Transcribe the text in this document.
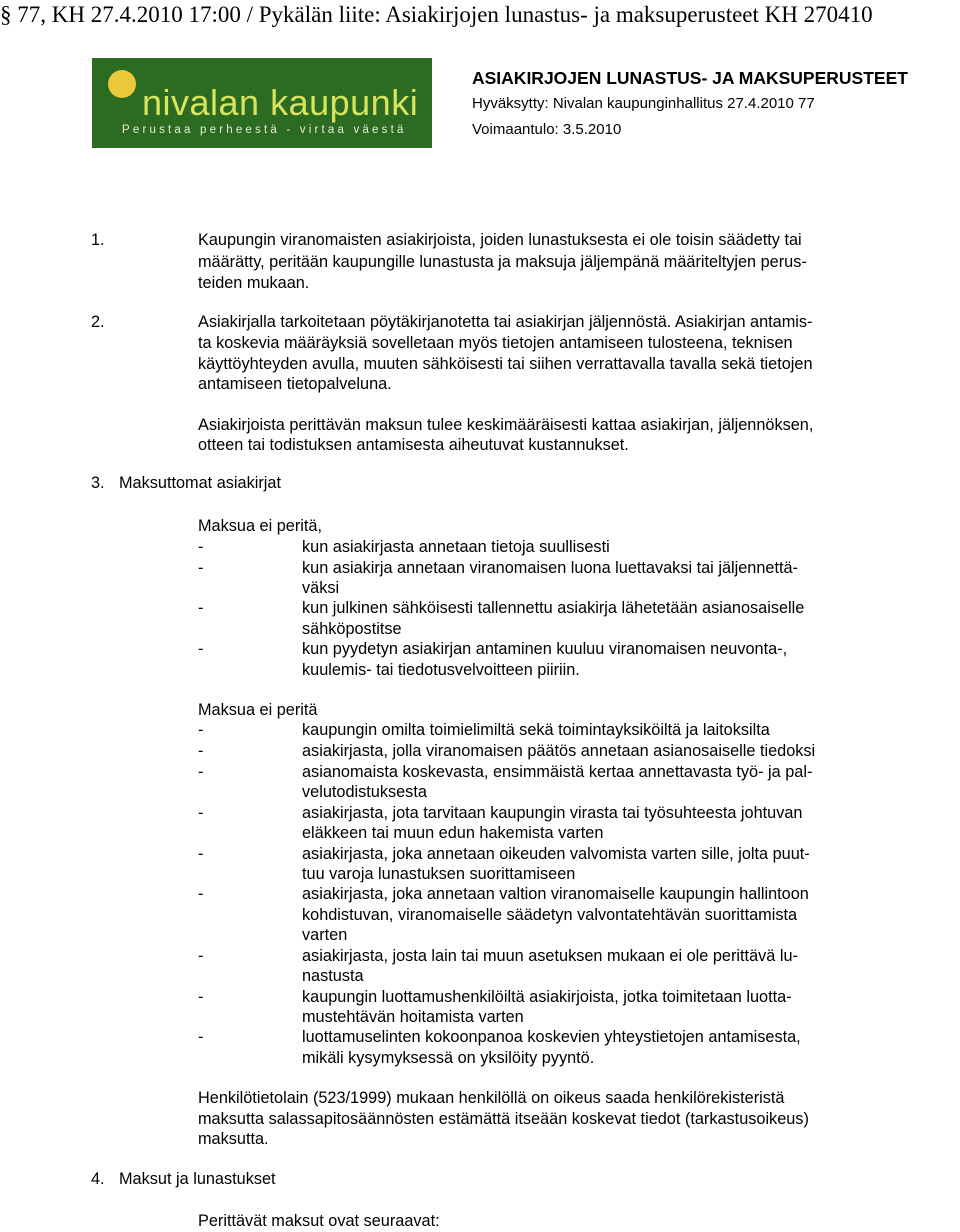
§ 77, KH 27.4.2010 17:00 / Pykälän liite: Asiakirjojen lunastus- ja maksuperusteet KH 270410
nivalan kaupunki
Perustaa perheestä - virtaa väestä
ASIAKIRJOJEN LUNASTUS- JA MAKSUPERUSTEET
Hyväksytty: Nivalan kaupunginhallitus 27.4.2010 77
Voimaantulo: 3.5.2010
1.	Kaupungin viranomaisten asiakirjoista, joiden lunastuksesta ei ole toisin säädetty tai
määrätty, peritään kaupungille lunastusta ja maksuja jäljempänä määriteltyjen perus-
teiden mukaan.
2.	Asiakirjalla tarkoitetaan pöytäkirjanotetta tai asiakirjan jäljennöstä. Asiakirjan antamis-
ta koskevia määräyksiä sovelletaan myös tietojen antamiseen tulosteena, teknisen
käyttöyhteyden avulla, muuten sähköisesti tai siihen verrattavalla tavalla sekä tietojen
antamiseen tietopalveluna.
Asiakirjoista perittävän maksun tulee keskimääräisesti kattaa asiakirjan, jäljennöksen,
otteen tai todistuksen antamisesta aiheutuvat kustannukset.
3. Maksuttomat asiakirjat
Maksua ei peritä,
-	kun asiakirjasta annetaan tietoja suullisesti
-	kun asiakirja annetaan viranomaisen luona luettavaksi tai jäljennettä-
väksi
-	kun julkinen sähköisesti tallennettu asiakirja lähetetään asianosaiselle
sähköpostitse
-	kun pyydetyn asiakirjan antaminen kuuluu viranomaisen neuvonta-,
kuulemis- tai tiedotusvelvoitteen piiriin.
Maksua ei peritä
-	kaupungin omilta toimielimiltä sekä toimintayksiköiltä ja laitoksilta
-	asiakirjasta, jolla viranomaisen päätös annetaan asianosaiselle tiedoksi
-	asianomaista koskevasta, ensimmäistä kertaa annettavasta työ- ja pal-
velutodistuksesta
-	asiakirjasta, jota tarvitaan kaupungin virasta tai työsuhteesta johtuvan
eläkkeen tai muun edun hakemista varten
-	asiakirjasta, joka annetaan oikeuden valvomista varten sille, jolta puut-
tuu varoja lunastuksen suorittamiseen
-	asiakirjasta, joka annetaan valtion viranomaiselle kaupungin hallintoon
kohdistuvan, viranomaiselle säädetyn valvontatehtävän suorittamista
varten
-	asiakirjasta, josta lain tai muun asetuksen mukaan ei ole perittävä lu-
nastusta
-	kaupungin luottamushenkilöiltä asiakirjoista, jotka toimitetaan luotta-
mustehtävän hoitamista varten
-	luottamuselinten kokoonpanoa koskevien yhteystietojen antamisesta,
mikäli kysymyksessä on yksilöity pyyntö.
Henkilötietolain (523/1999) mukaan henkilöllä on oikeus saada henkilörekisteristä
maksutta salassapitosäännösten estämättä itseään koskevat tiedot (tarkastusoikeus)
maksutta.
4. Maksut ja lunastukset
Perittävät maksut ovat seuraavat:
